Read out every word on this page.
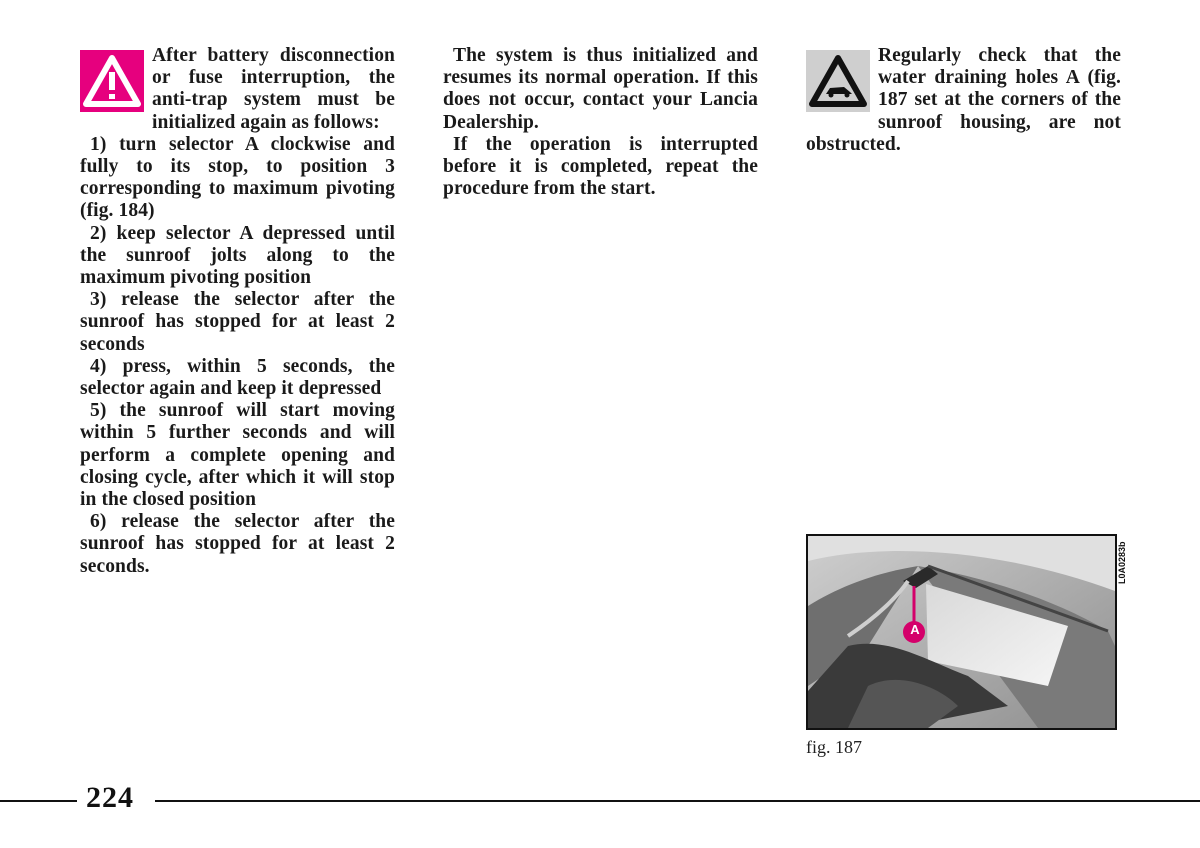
After battery disconnection or fuse interruption, the anti-trap system must be initialized again as follows:

1) turn selector A clockwise and fully to its stop, to position 3 corresponding to maximum pivoting (fig. 184)

2) keep selector A depressed until the sunroof jolts along to the maximum pivoting position

3) release the selector after the sunroof has stopped for at least 2 seconds

4) press, within 5 seconds, the selector again and keep it depressed

5) the sunroof will start moving within 5 further seconds and will perform a complete opening and closing cycle, after which it will stop in the closed position

6) release the selector after the sunroof has stopped for at least 2 seconds.

The system is thus initialized and resumes its normal operation. If this does not occur, contact your Lancia Dealership.

If the operation is interrupted before it is completed, repeat the procedure from the start.

Regularly check that the water draining holes A (fig. 187 set at the corners of the sunroof housing, are not obstructed.

A
L0A0283b
fig. 187
224
